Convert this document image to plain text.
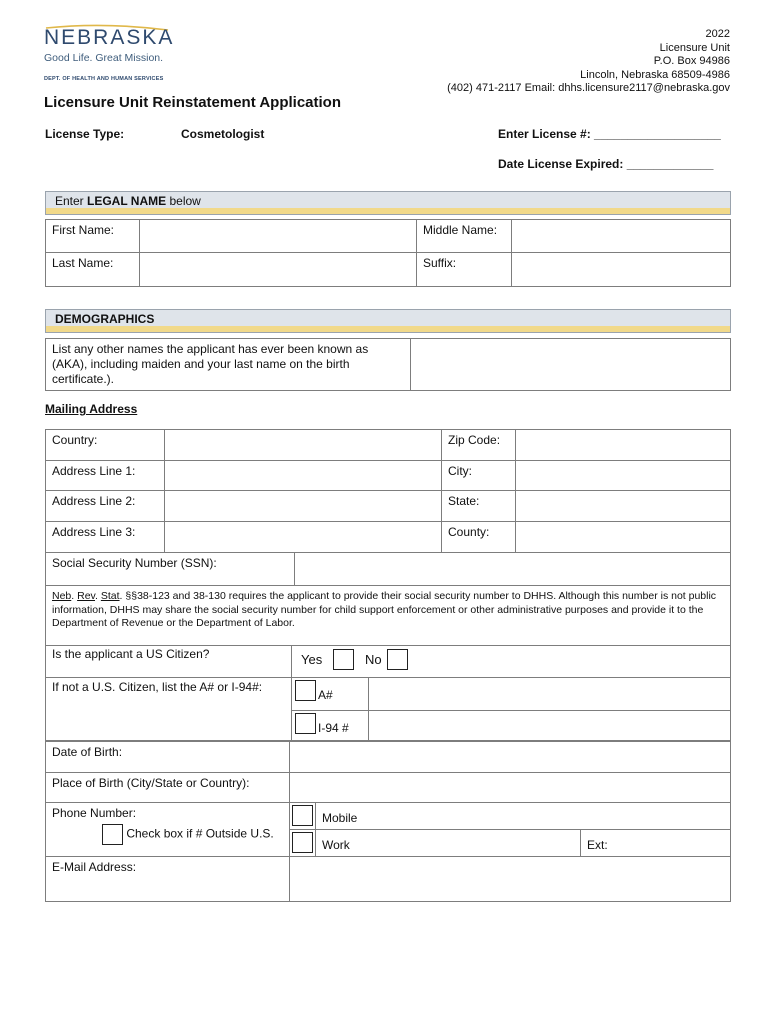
NEBRASKA
Good Life. Great Mission.
DEPT. OF HEALTH AND HUMAN SERVICES
2022
Licensure Unit
P.O. Box 94986
Lincoln, Nebraska 68509-4986
(402) 471-2117 Email: dhhs.licensure2117@nebraska.gov
Licensure Unit Reinstatement Application
License Type:	Cosmetologist	Enter License #: ___________________
Date License Expired: _____________
Enter LEGAL NAME below
First Name:		Middle Name:	
Last Name:		Suffix:	
DEMOGRAPHICS
List any other names the applicant has ever been known as (AKA), including maiden and your last name on the birth certificate.).	
Mailing Address
Country:		Zip Code:	
Address Line 1:		City:	
Address Line 2:		State:	
Address Line 3:		County:	
Social Security Number (SSN):	
Neb. Rev. Stat. §§38-123 and 38-130 requires the applicant to provide their social security number to DHHS. Although this number is not public information, DHHS may share the social security number for child support enforcement or other administrative purposes and provide it to the Department of Revenue or the Department of Labor.
Is the applicant a US Citizen?	Yes	No
If not a U.S. Citizen, list the A# or I-94#:
A#
I-94 #
Date of Birth:			
Place of Birth (City/State or Country):			

Phone Number:
Check box if # Outside U.S.		Mobile	
		Work	Ext:
E-Mail Address:			
